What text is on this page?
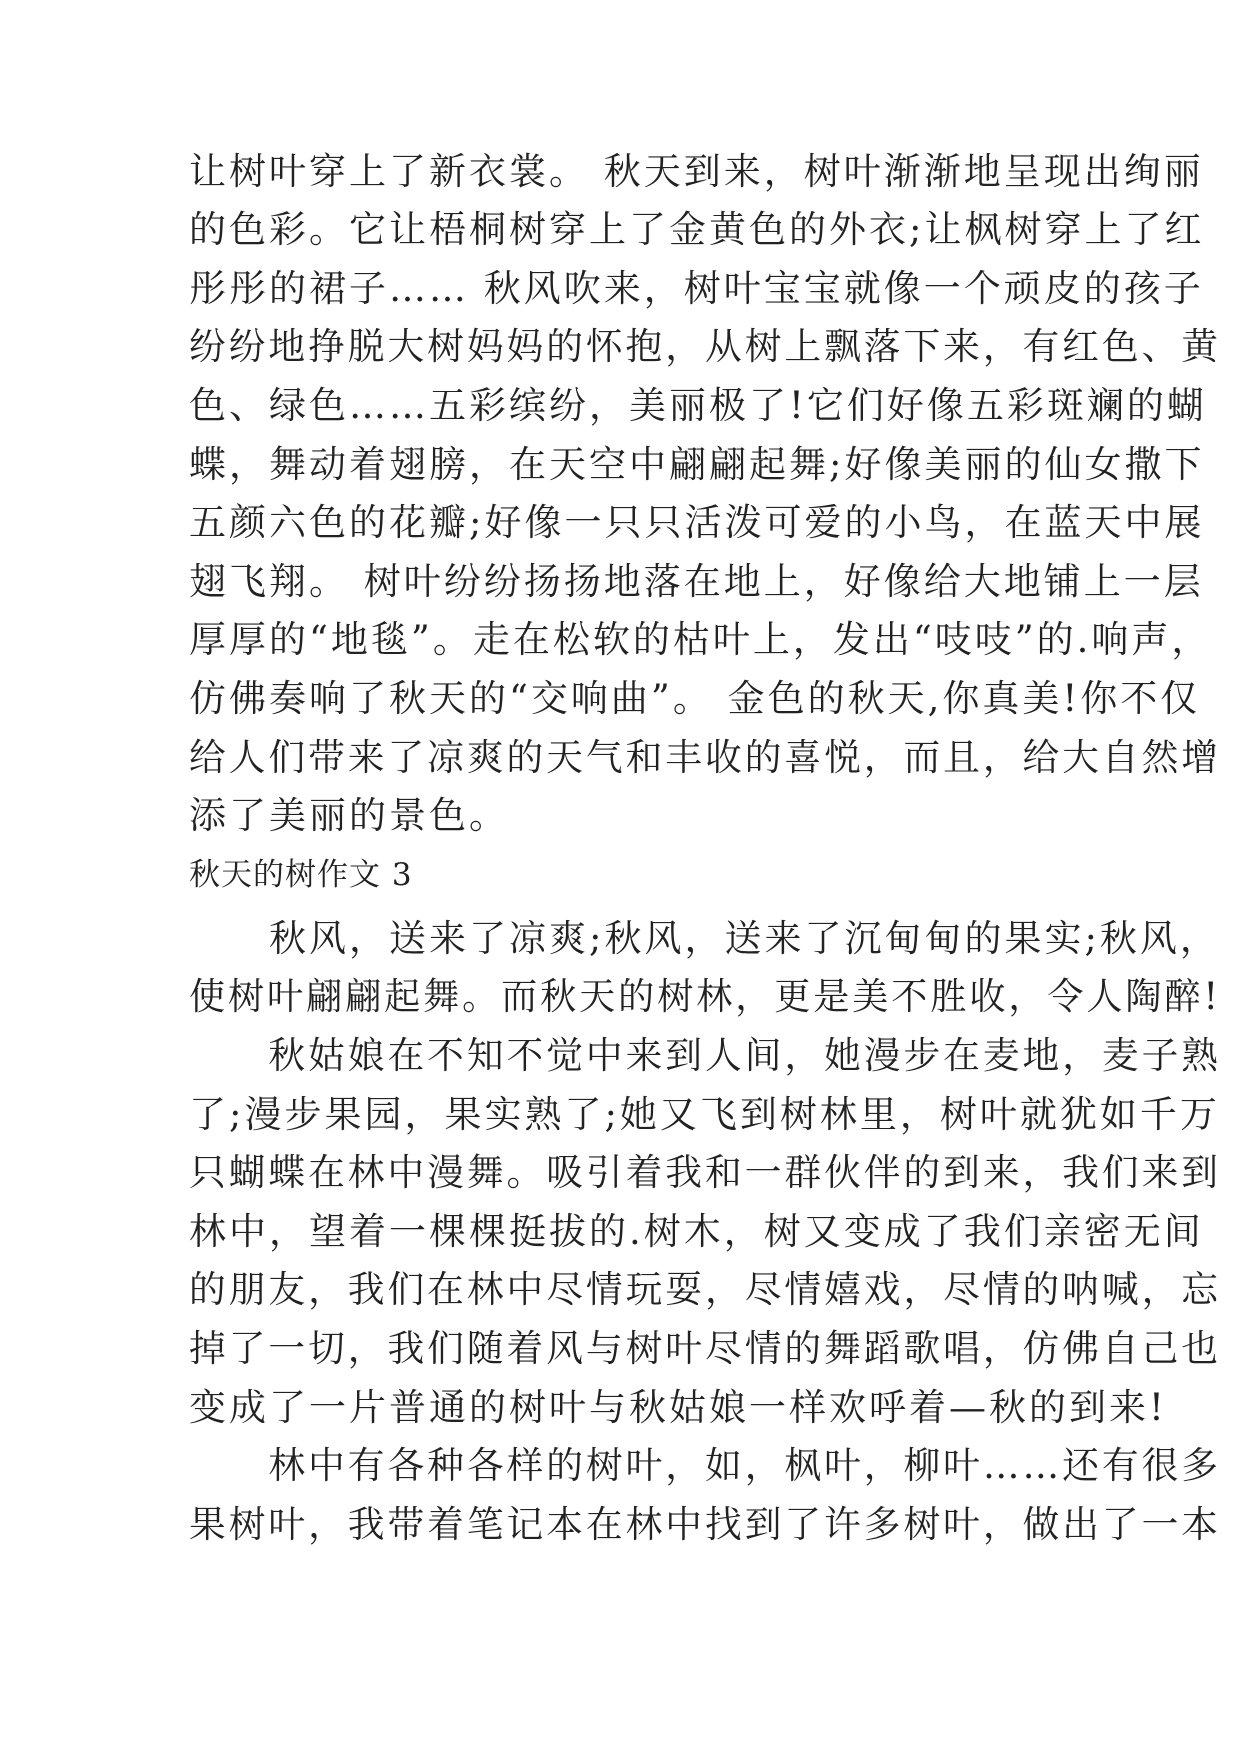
让树叶穿上了新衣裳。 秋天到来，树叶渐渐地呈现出绚丽
的色彩。它让梧桐树穿上了金黄色的外衣;让枫树穿上了红
彤彤的裙子…… 秋风吹来，树叶宝宝就像一个顽皮的孩子
纷纷地挣脱大树妈妈的怀抱，从树上飘落下来，有红色、黄
色、绿色……五彩缤纷，美丽极了!它们好像五彩斑斓的蝴
蝶，舞动着翅膀，在天空中翩翩起舞;好像美丽的仙女撒下
五颜六色的花瓣;好像一只只活泼可爱的小鸟，在蓝天中展
翅飞翔。 树叶纷纷扬扬地落在地上，好像给大地铺上一层
厚厚的“地毯”。走在松软的枯叶上，发出“吱吱”的.响声，
仿佛奏响了秋天的“交响曲”。 金色的秋天,你真美!你不仅
给人们带来了凉爽的天气和丰收的喜悦，而且，给大自然增
添了美丽的景色。
秋天的树作文 3
　　秋风，送来了凉爽;秋风，送来了沉甸甸的果实;秋风，
使树叶翩翩起舞。而秋天的树林，更是美不胜收，令人陶醉!
　　秋姑娘在不知不觉中来到人间，她漫步在麦地，麦子熟
了;漫步果园，果实熟了;她又飞到树林里，树叶就犹如千万
只蝴蝶在林中漫舞。吸引着我和一群伙伴的到来，我们来到
林中，望着一棵棵挺拔的.树木，树又变成了我们亲密无间
的朋友，我们在林中尽情玩耍，尽情嬉戏，尽情的呐喊，忘
掉了一切，我们随着风与树叶尽情的舞蹈歌唱，仿佛自己也
变成了一片普通的树叶与秋姑娘一样欢呼着—秋的到来!
　　林中有各种各样的树叶，如，枫叶，柳叶……还有很多
果树叶，我带着笔记本在林中找到了许多树叶，做出了一本
